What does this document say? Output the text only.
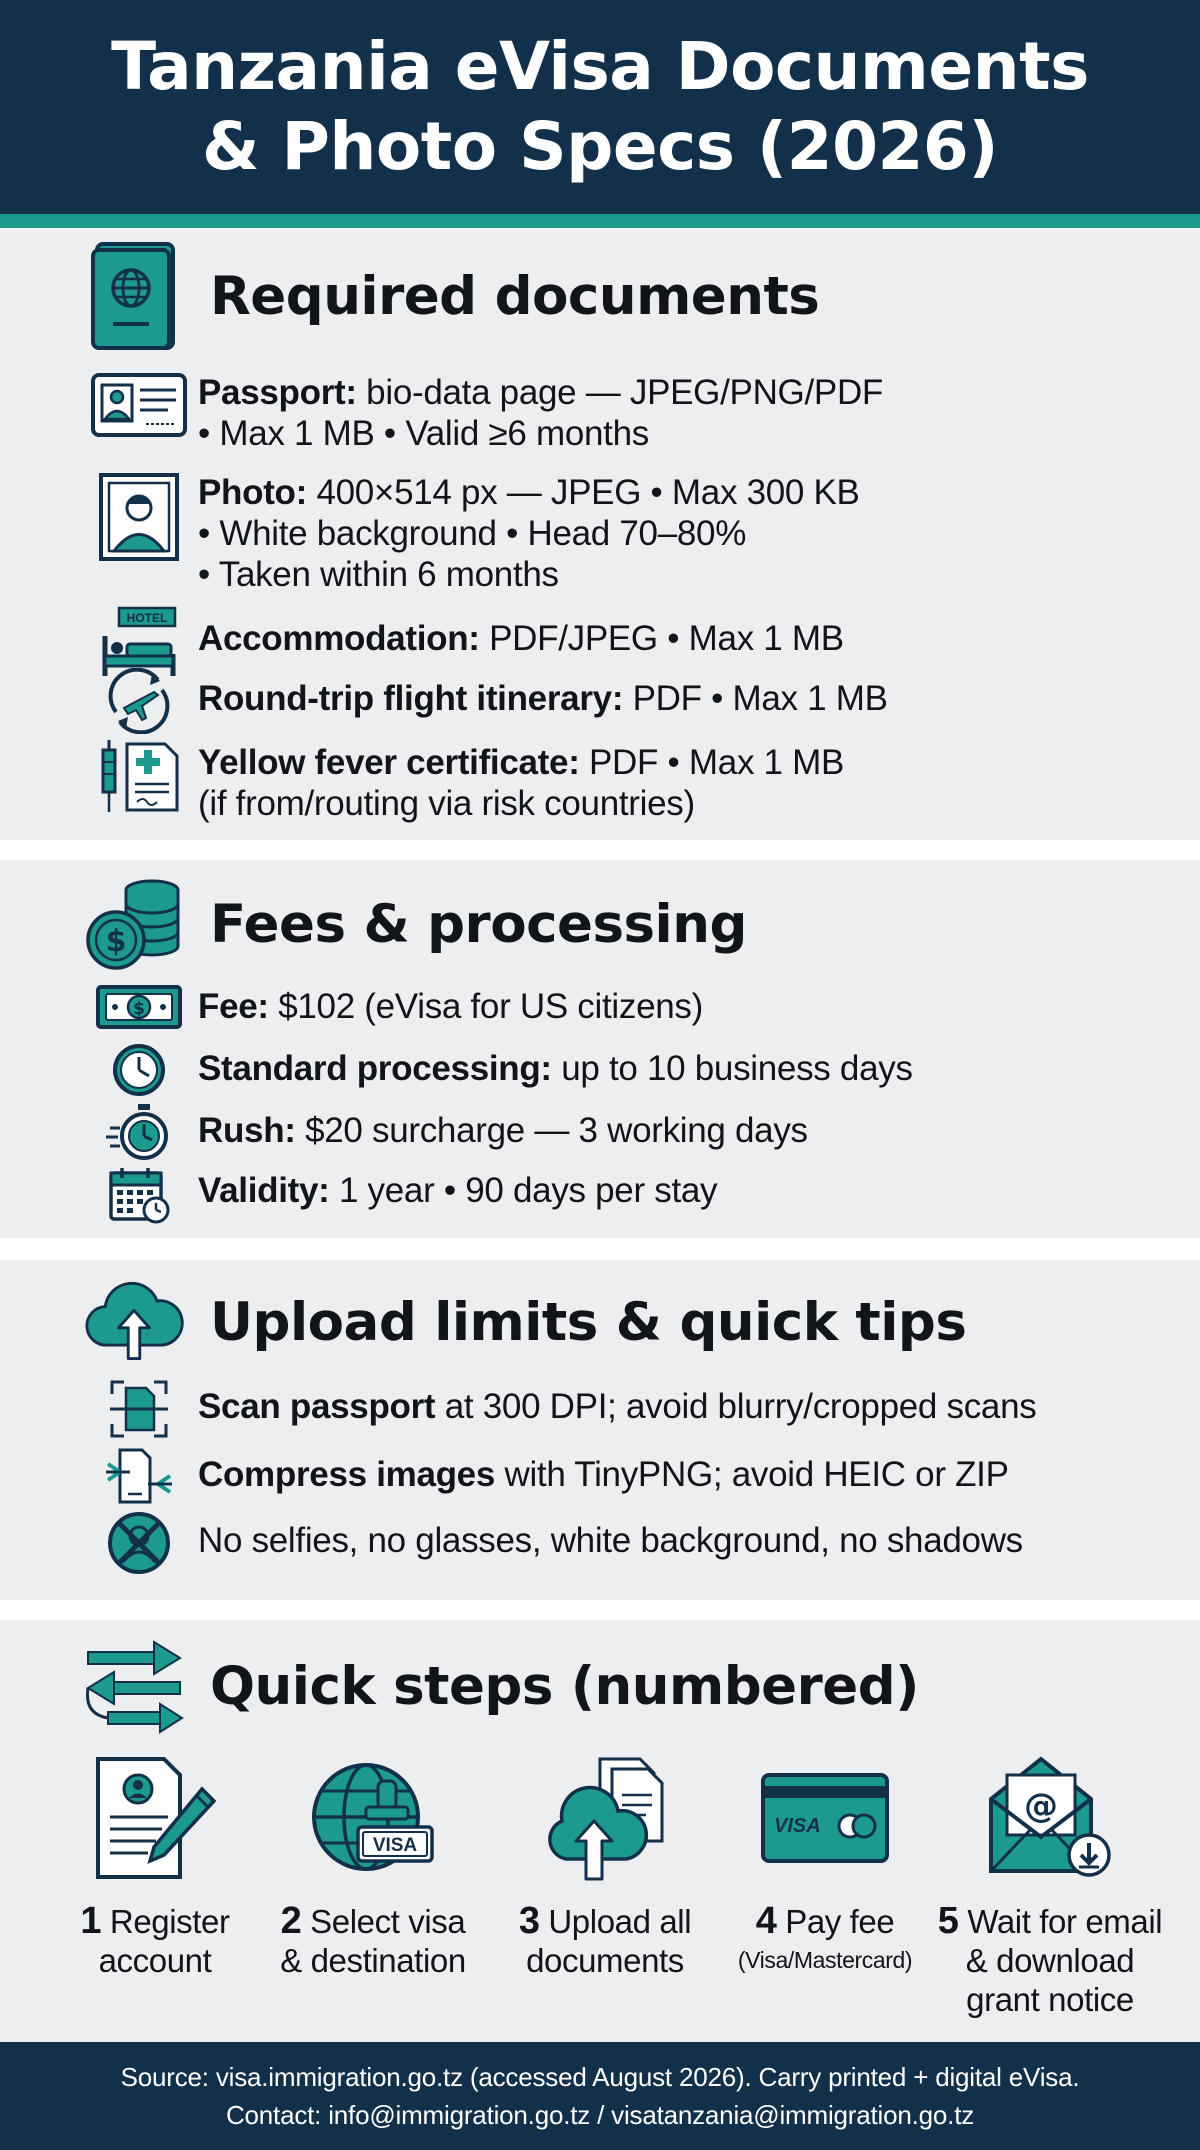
Tanzania eVisa Documents
& Photo Specs (2026)
Required documents
Passport: bio-data page — JPEG/PNG/PDF
• Max 1 MB • Valid ≥6 months
Photo: 400×514 px — JPEG • Max 300 KB
• White background • Head 70–80%
• Taken within 6 months
HOTEL
Accommodation: PDF/JPEG • Max 1 MB
Round-trip flight itinerary: PDF • Max 1 MB
Yellow fever certificate: PDF • Max 1 MB
(if from/routing via risk countries)
$ Fees & processing
$ Fee: $102 (eVisa for US citizens)
Standard processing: up to 10 business days
Rush: $20 surcharge — 3 working days
Validity: 1 year • 90 days per stay
Upload limits & quick tips
Scan passport at 300 DPI; avoid blurry/cropped scans
Compress images with TinyPNG; avoid HEIC or ZIP
No selfies, no glasses, white background, no shadows
Quick steps (numbered)
1 Register
account
VISA
2 Select visa
& destination
3 Upload all
documents
VISA
4 Pay fee
(Visa/Mastercard)
@
5 Wait for email
& download
grant notice
Source: visa.immigration.go.tz (accessed August 2026). Carry printed + digital eVisa.
Contact: info@immigration.go.tz / visatanzania@immigration.go.tz
